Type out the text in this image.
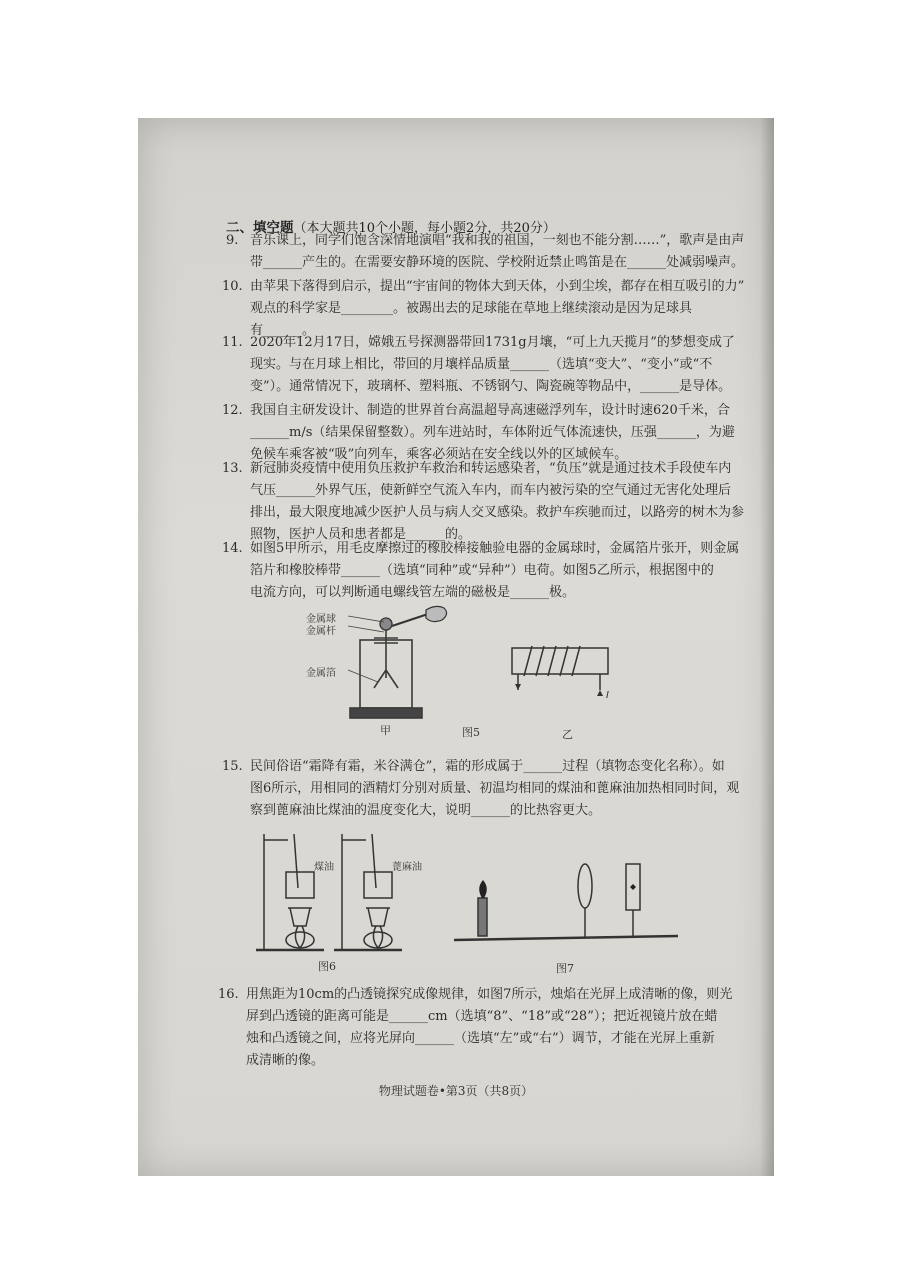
二、填空题（本大题共10个小题，每小题2分，共20分）
9. 音乐课上，同学们饱含深情地演唱“我和我的祖国，一刻也不能分割……”，歌声是由声
带______产生的。在需要安静环境的医院、学校附近禁止鸣笛是在______处减弱噪声。
10. 由苹果下落得到启示，提出“宇宙间的物体大到天体，小到尘埃，都存在相互吸引的力”
观点的科学家是________。被踢出去的足球能在草地上继续滚动是因为足球具
有______。
11. 2020年12月17日，嫦娥五号探测器带回1731g月壤，“可上九天揽月”的梦想变成了
现实。与在月球上相比，带回的月壤样品质量______（选填“变大”、“变小”或“不
变”）。通常情况下，玻璃杯、塑料瓶、不锈钢勺、陶瓷碗等物品中，______是导体。
12. 我国自主研发设计、制造的世界首台高温超导高速磁浮列车，设计时速620千米，合
______m/s（结果保留整数）。列车进站时，车体附近气体流速快，压强______，为避
免候车乘客被“吸”向列车，乘客必须站在安全线以外的区域候车。
13. 新冠肺炎疫情中使用负压救护车救治和转运感染者，“负压”就是通过技术手段使车内
气压______外界气压，使新鲜空气流入车内，而车内被污染的空气通过无害化处理后
排出，最大限度地减少医护人员与病人交叉感染。救护车疾驰而过，以路旁的树木为参
照物，医护人员和患者都是______的。
14. 如图5甲所示，用毛皮摩擦过的橡胶棒接触验电器的金属球时，金属箔片张开，则金属
箔片和橡胶棒带______（选填“同种”或“异种”）电荷。如图5乙所示，根据图中的
电流方向，可以判断通电螺线管左端的磁极是______极。
金属球
金属杆
金属箔
I
甲	图5	乙
15. 民间俗语“霜降有霜，米谷满仓”，霜的形成属于______过程（填物态变化名称）。如
图6所示，用相同的酒精灯分别对质量、初温均相同的煤油和蓖麻油加热相同时间，观
察到蓖麻油比煤油的温度变化大，说明______的比热容更大。
煤油	蓖麻油
图6	图7
16. 用焦距为10cm的凸透镜探究成像规律，如图7所示，烛焰在光屏上成清晰的像，则光
屏到凸透镜的距离可能是______cm（选填“8”、“18”或“28”）；把近视镜片放在蜡
烛和凸透镜之间，应将光屏向______（选填“左”或“右”）调节，才能在光屏上重新
成清晰的像。
物理试题卷•第3页（共8页）
